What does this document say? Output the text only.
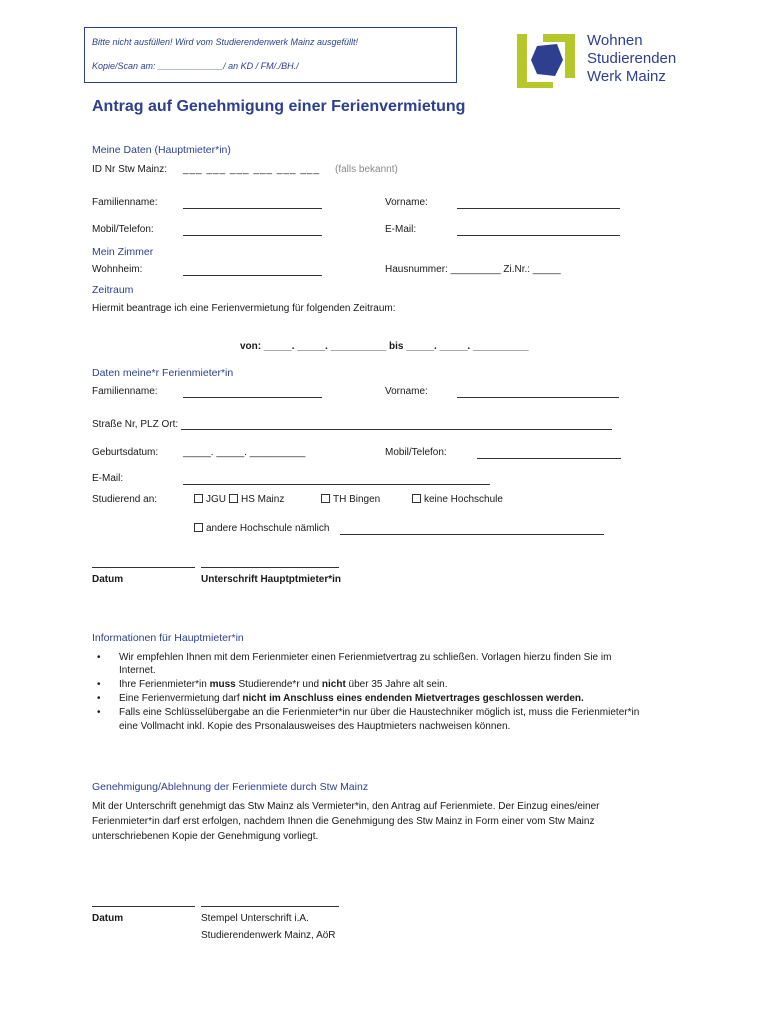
Bitte nicht ausfüllen! Wird vom Studierendenwerk Mainz ausgefüllt!
Kopie/Scan am: _____________/ an KD / FM/./BH./
Wohnen
Studierenden
Werk Mainz
Antrag auf Genehmigung einer Ferienvermietung
Meine Daten (Hauptmieter*in)
ID Nr Stw Mainz: ___ ___ ___ ___ ___ ___ (falls bekannt)
Familienname:	Vorname:
Mobil/Telefon:	E-Mail:
Mein Zimmer
Wohnheim:	Hausnummer: _________ Zi.Nr.: _____
Zeitraum
Hiermit beantrage ich eine Ferienvermietung für folgenden Zeitraum:
von: _____. _____. __________ bis _____. _____. __________
Daten meine*r Ferienmieter*in
Familienname:	Vorname:
Straße Nr, PLZ Ort:
Geburtsdatum: _____. _____. __________	Mobil/Telefon:
E-Mail:
Studierend an:	JGU	HS Mainz	TH Bingen	keine Hochschule
andere Hochschule nämlich
Datum	Unterschrift Hauptptmieter*in
Informationen für Hauptmieter*in
• Wir empfehlen Ihnen mit dem Ferienmieter einen Ferienmietvertrag zu schließen. Vorlagen hierzu finden Sie im
Internet.
• Ihre Ferienmieter*in muss Studierende*r und nicht über 35 Jahre alt sein.
• Eine Ferienvermietung darf nicht im Anschluss eines endenden Mietvertrages geschlossen werden.
• Falls eine Schlüsselübergabe an die Ferienmieter*in nur über die Haustechniker möglich ist, muss die Ferienmieter*in
eine Vollmacht inkl. Kopie des Prsonalausweises des Hauptmieters nachweisen können.
Genehmigung/Ablehnung der Ferienmiete durch Stw Mainz
Mit der Unterschrift genehmigt das Stw Mainz als Vermieter*in, den Antrag auf Ferienmiete. Der Einzug eines/einer
Ferienmieter*in darf erst erfolgen, nachdem Ihnen die Genehmigung des Stw Mainz in Form einer vom Stw Mainz
unterschriebenen Kopie der Genehmigung vorliegt.
Datum	Stempel Unterschrift i.A.
Studierendenwerk Mainz, AöR
